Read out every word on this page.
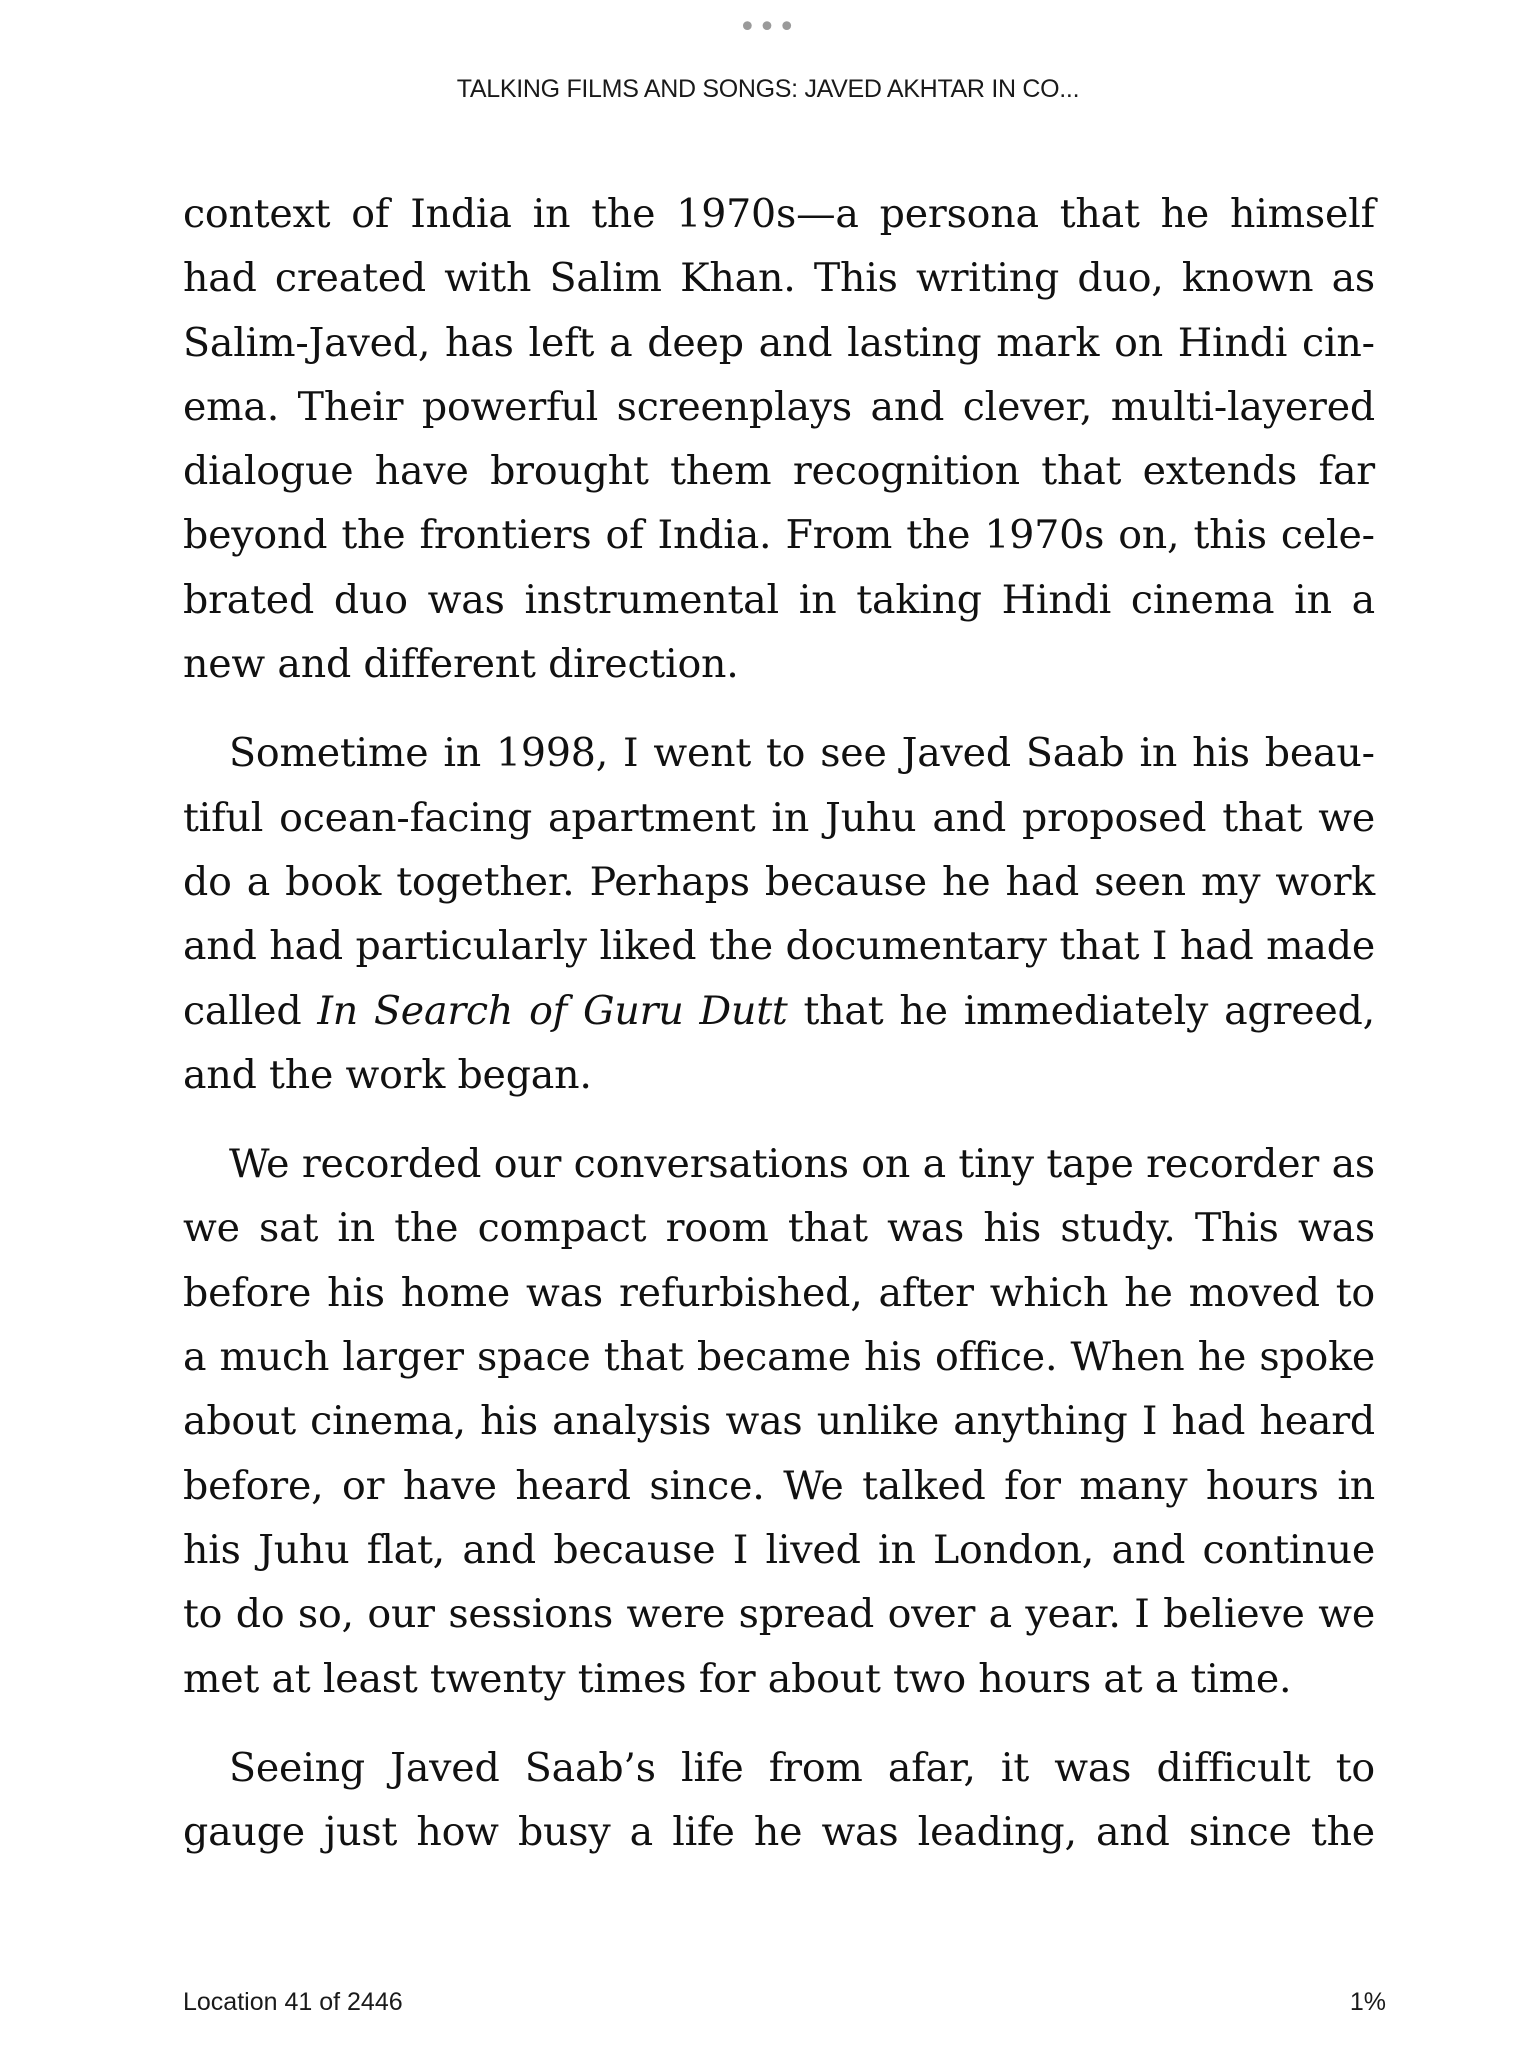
•••
TALKING FILMS AND SONGS: JAVED AKHTAR IN CO...

context of India in the 1970s—a persona that he himself had created with Salim Khan. This writing duo, known as Salim-Javed, has left a deep and lasting mark on Hindi cinema. Their powerful screenplays and clever, multi-layered dialogue have brought them recognition that extends far beyond the frontiers of India. From the 1970s on, this celebrated duo was instrumental in taking Hindi cinema in a new and different direction.

Sometime in 1998, I went to see Javed Saab in his beautiful ocean-facing apartment in Juhu and proposed that we do a book together. Perhaps because he had seen my work and had particularly liked the documentary that I had made called In Search of Guru Dutt that he immediately agreed, and the work began.

We recorded our conversations on a tiny tape recorder as we sat in the compact room that was his study. This was before his home was refurbished, after which he moved to a much larger space that became his office. When he spoke about cinema, his analysis was unlike anything I had heard before, or have heard since. We talked for many hours in his Juhu flat, and because I lived in London, and continue to do so, our sessions were spread over a year. I believe we met at least twenty times for about two hours at a time.

Seeing Javed Saab’s life from afar, it was difficult to gauge just how busy a life he was leading, and since the

Location 41 of 2446	1%
